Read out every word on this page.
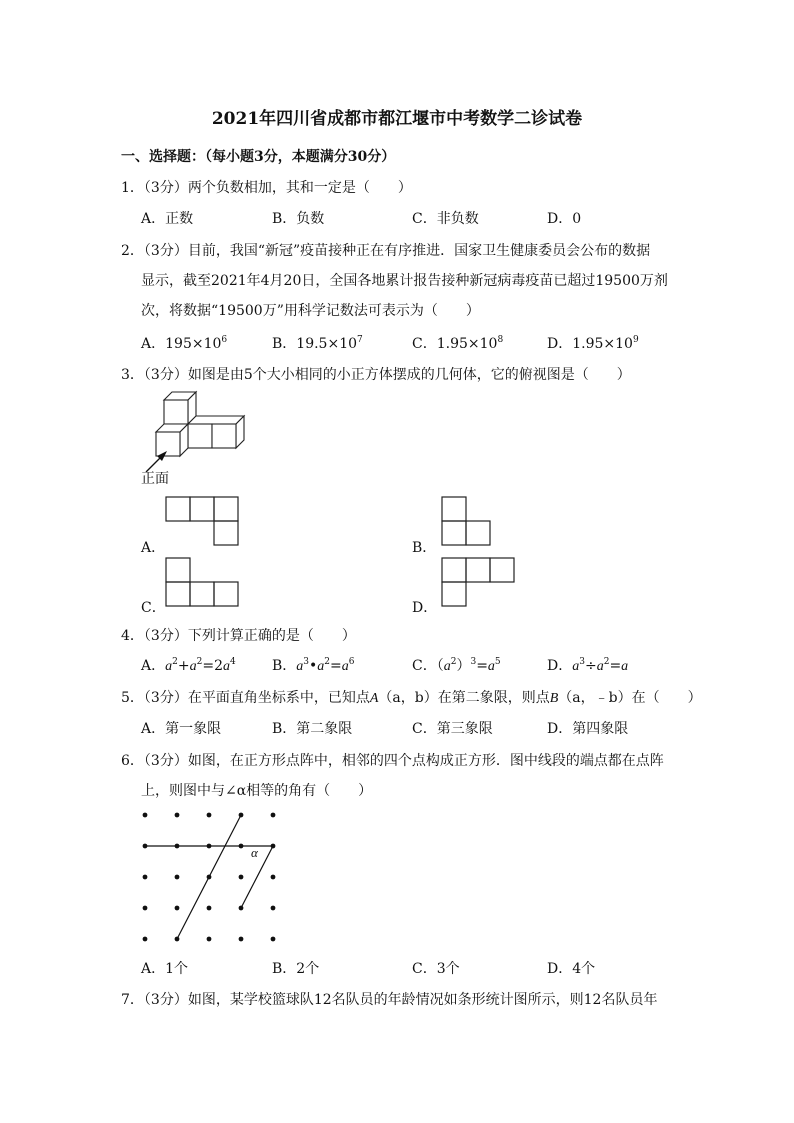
2021年四川省成都市都江堰市中考数学二诊试卷
一、选择题：（每小题3分，本题满分30分）
1．（3分）两个负数相加，其和一定是（　　）
A．正数	B．负数	C．非负数	D．0
2．（3分）目前，我国“新冠”疫苗接种正在有序推进．国家卫生健康委员会公布的数据
显示，截至2021年4月20日，全国各地累计报告接种新冠病毒疫苗已超过19500万剂
次，将数据“19500万”用科学记数法可表示为（　　）
A．$195\times 10^6$	B．$19.5\times 10^7$	C．$1.95\times 10^8$	D．$1.95\times 10^9$
3．（3分）如图是由5个大小相同的小正方体摆成的几何体，它的俯视图是（　　）
正面
A．	B．
C．	D．
4．（3分）下列计算正确的是（　　）
A．$a^2+a^2=2a^4$	B．$a^3•a^2=a^6$	C．$(a^2)^3=a^5$	D．$a^3\div a^2=a$
5．（3分）在平面直角坐标系中，已知点A（a，b）在第二象限，则点B（a，﹣b）在（　　）
A．第一象限	B．第二象限	C．第三象限	D．第四象限
6．（3分）如图，在正方形点阵中，相邻的四个点构成正方形．图中线段的端点都在点阵
上，则图中与∠α相等的角有（　　）
α
A．1个	B．2个	C．3个	D．4个
7．（3分）如图，某学校篮球队12名队员的年龄情况如条形统计图所示，则12名队员年
